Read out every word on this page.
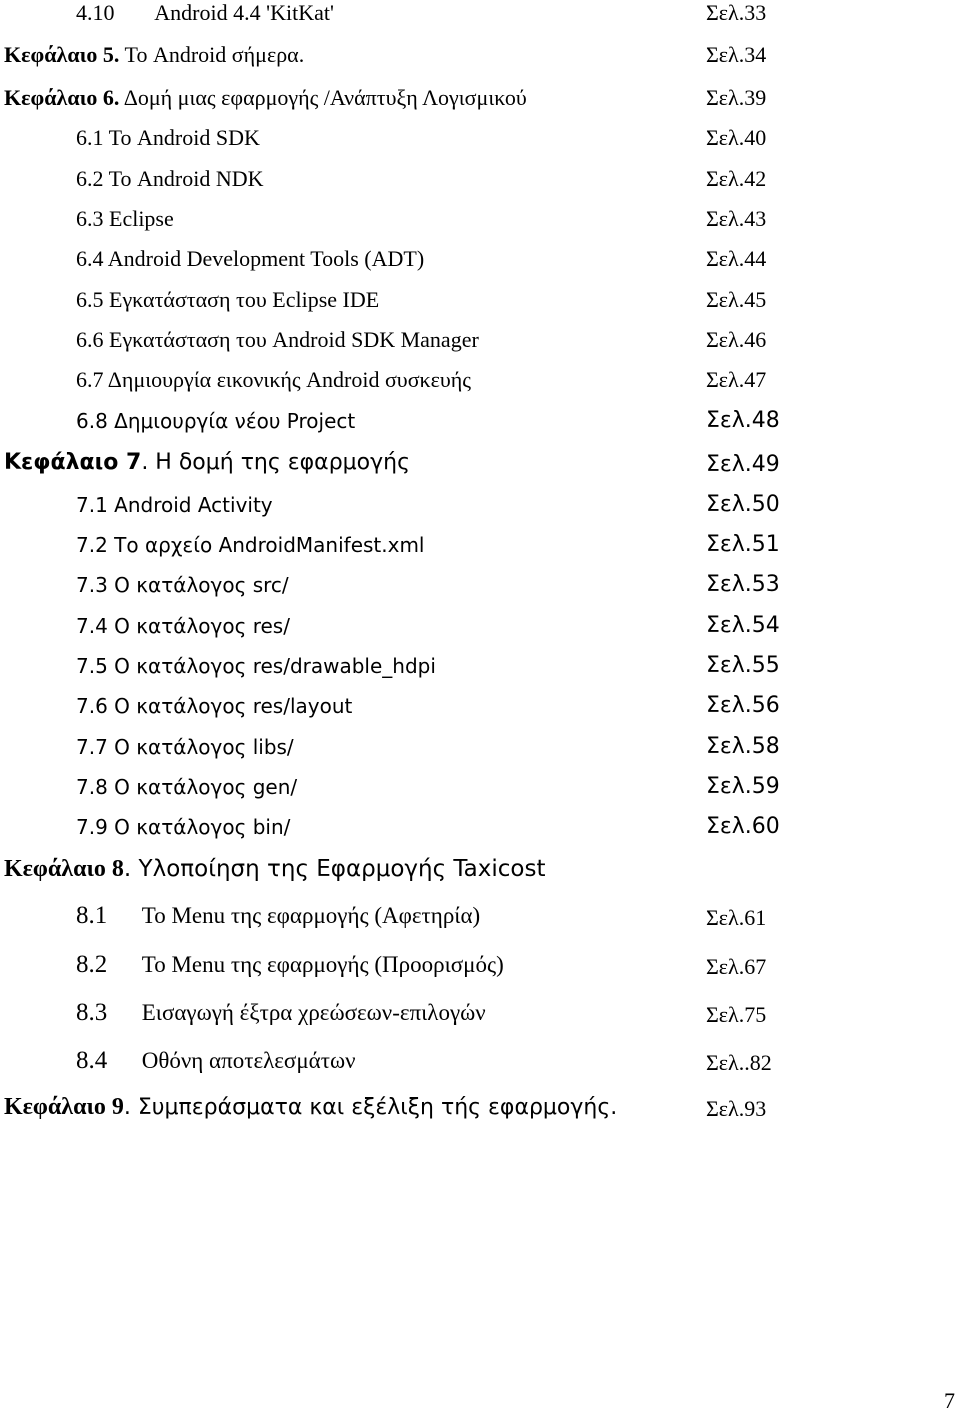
4.10 Android 4.4 'KitKat'	Σελ.33
Κεφάλαιο 5. Το Android σήμερα.	Σελ.34
Κεφάλαιο 6. Δομή μιας εφαρμογής /Ανάπτυξη Λογισμικού	Σελ.39
6.1 Το Android SDK	Σελ.40
6.2 Το Android NDK	Σελ.42
6.3 Eclipse	Σελ.43
6.4 Android Development Tools (ADT)	Σελ.44
6.5 Εγκατάσταση του Eclipse IDE	Σελ.45
6.6 Εγκατάσταση του Android SDK Manager	Σελ.46
6.7 Δημιουργία εικονικής Android συσκευής	Σελ.47
6.8 Δημιουργία νέου Project	Σελ.48
Κεφάλαιο 7. Η δομή της εφαρμογής	Σελ.49
7.1 Android Activity	Σελ.50
7.2 Το αρχείο AndroidManifest.xml	Σελ.51
7.3 Ο κατάλογος src/	Σελ.53
7.4 Ο κατάλογος res/	Σελ.54
7.5 Ο κατάλογος res/drawable_hdpi	Σελ.55
7.6 Ο κατάλογος res/layout	Σελ.56
7.7 Ο κατάλογος libs/	Σελ.58
7.8 Ο κατάλογος gen/	Σελ.59
7.9 Ο κατάλογος bin/	Σελ.60
Κεφάλαιο 8. Υλοποίηση της Εφαρμογής Taxicost
8.1 Το Menu της εφαρμογής (Αφετηρία)	Σελ.61
8.2 Το Menu της εφαρμογής (Προορισμός)	Σελ.67
8.3 Εισαγωγή έξτρα χρεώσεων-επιλογών	Σελ.75
8.4 Οθόνη αποτελεσμάτων	Σελ..82
Κεφάλαιο 9. Συμπεράσματα και εξέλιξη τής εφαρμογής.	Σελ.93
7
